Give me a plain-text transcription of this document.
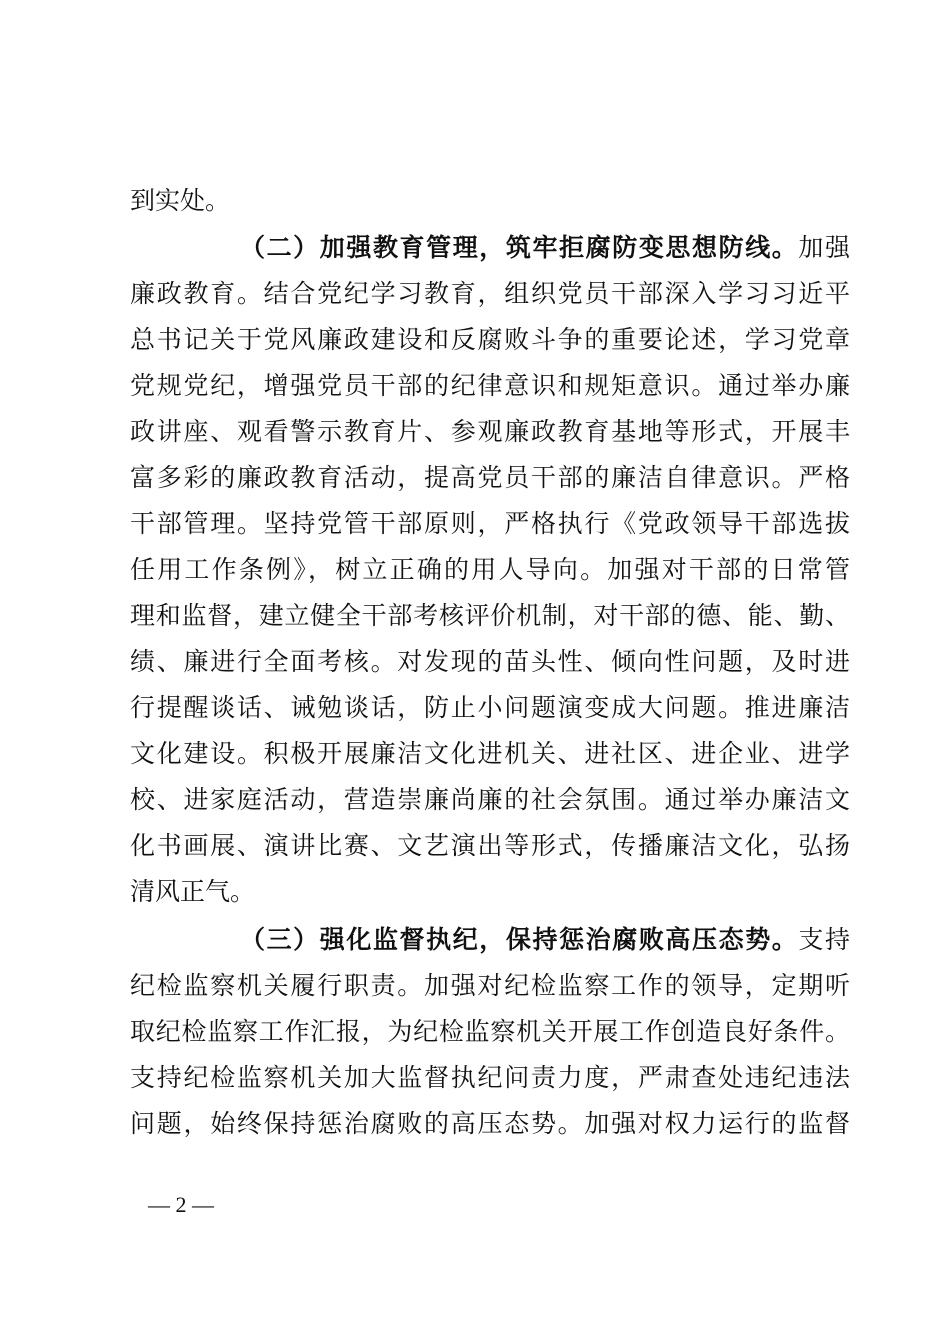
到实处。
（二）加强教育管理，筑牢拒腐防变思想防线。加强
廉政教育。结合党纪学习教育，组织党员干部深入学习习近平
总书记关于党风廉政建设和反腐败斗争的重要论述，学习党章
党规党纪，增强党员干部的纪律意识和规矩意识。通过举办廉
政讲座、观看警示教育片、参观廉政教育基地等形式，开展丰
富多彩的廉政教育活动，提高党员干部的廉洁自律意识。严格
干部管理。坚持党管干部原则，严格执行《党政领导干部选拔
任用工作条例》，树立正确的用人导向。加强对干部的日常管
理和监督，建立健全干部考核评价机制，对干部的德、能、勤、
绩、廉进行全面考核。对发现的苗头性、倾向性问题，及时进
行提醒谈话、诫勉谈话，防止小问题演变成大问题。推进廉洁
文化建设。积极开展廉洁文化进机关、进社区、进企业、进学
校、进家庭活动，营造崇廉尚廉的社会氛围。通过举办廉洁文
化书画展、演讲比赛、文艺演出等形式，传播廉洁文化，弘扬
清风正气。
（三）强化监督执纪，保持惩治腐败高压态势。支持
纪检监察机关履行职责。加强对纪检监察工作的领导，定期听
取纪检监察工作汇报，为纪检监察机关开展工作创造良好条件。
支持纪检监察机关加大监督执纪问责力度，严肃查处违纪违法
问题，始终保持惩治腐败的高压态势。加强对权力运行的监督
— 2 —
